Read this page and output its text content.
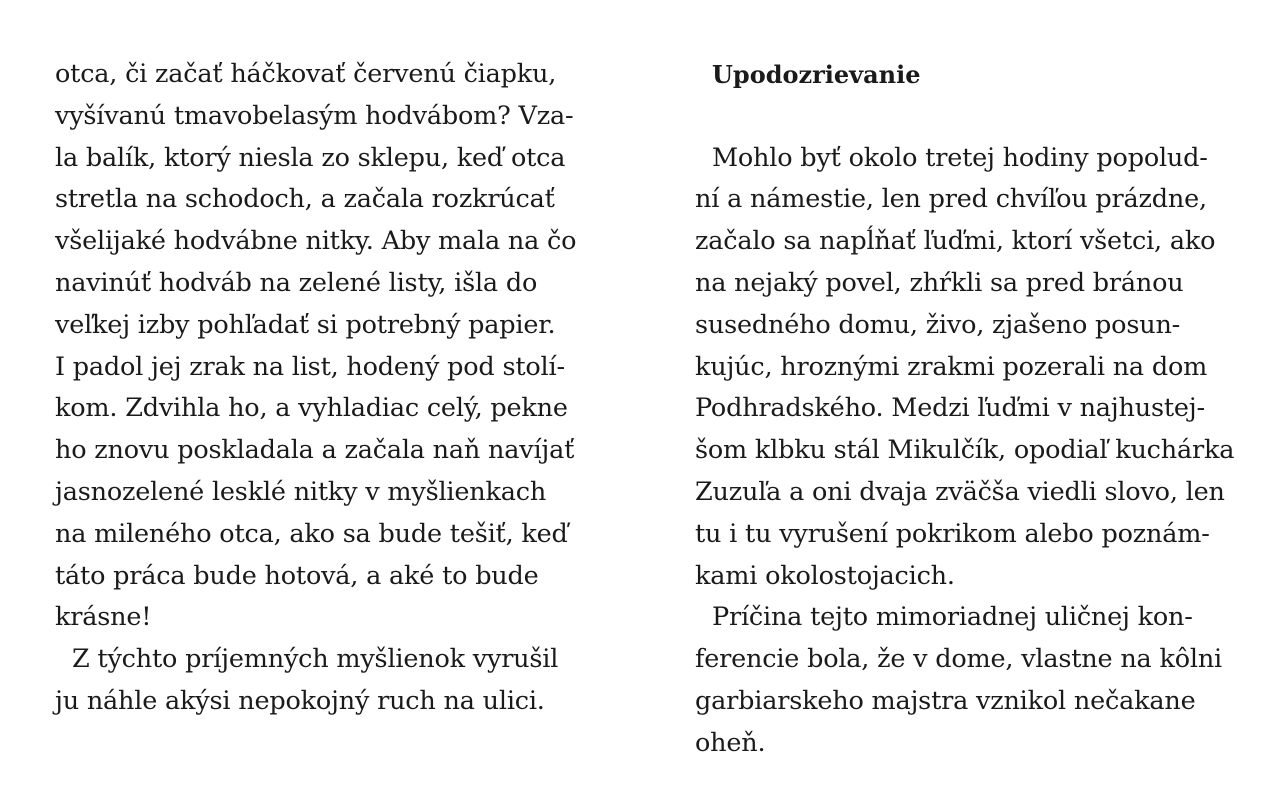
otca, či začať háčkovať červenú čiapku,
vyšívanú tmavobelasým hodvábom? Vza-
la balík, ktorý niesla zo sklepu, keď otca
stretla na schodoch, a začala rozkrúcať
všelijaké hodvábne nitky. Aby mala na čo
navinúť hodváb na zelené listy, išla do
veľkej izby pohľadať si potrebný papier.
I padol jej zrak na list, hodený pod stolí-
kom. Zdvihla ho, a vyhladiac celý, pekne
ho znovu poskladala a začala naň navíjať
jasnozelené lesklé nitky v myšlienkach
na mileného otca, ako sa bude tešiť, keď
táto práca bude hotová, a aké to bude
krásne!
Z týchto príjemných myšlienok vyrušil
ju náhle akýsi nepokojný ruch na ulici.
Upodozrievanie
Mohlo byť okolo tretej hodiny popolud-
ní a námestie, len pred chvíľou prázdne,
začalo sa napĺňať ľuďmi, ktorí všetci, ako
na nejaký povel, zhŕkli sa pred bránou
susedného domu, živo, zjašeno posun-
kujúc, hroznými zrakmi pozerali na dom
Podhradského. Medzi ľuďmi v najhustej-
šom klbku stál Mikulčík, opodiaľ kuchárka
Zuzuľa a oni dvaja zväčša viedli slovo, len
tu i tu vyrušení pokrikom alebo poznám-
kami okolostojacich.
Príčina tejto mimoriadnej uličnej kon-
ferencie bola, že v dome, vlastne na kôlni
garbiarskeho majstra vznikol nečakane
oheň.
